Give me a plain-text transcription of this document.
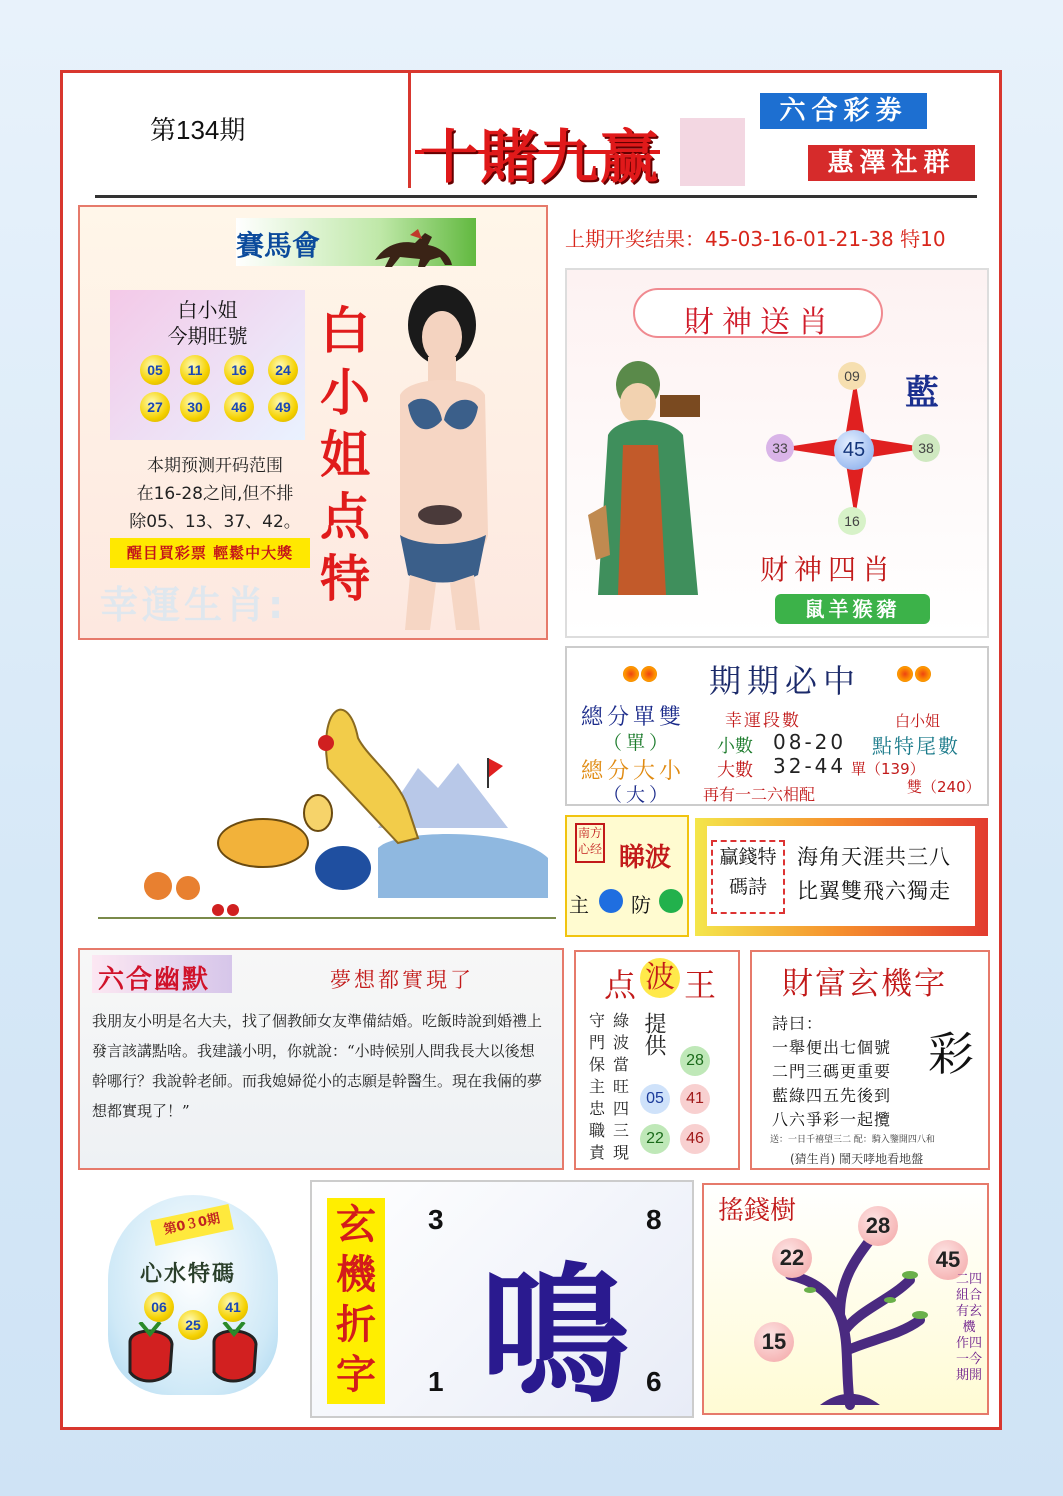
第134期	十賭九赢
六合彩劵
惠澤社群
賽馬會
白小姐
今期旺號
05	11	16	24
27	30	46	49
白
小
姐
点
特
本期预测开码范围
在16-28之间,但不排
除05、13、37、42。
醒目買彩票 輕鬆中大獎
幸運生肖:
上期开奖结果：45-03-16-01-21-38 特10
財神送肖
09
33	45	38
16
藍
财神四肖
鼠羊猴豬
期期必中
總分單雙
（單）
總分大小
（大）
幸運段數
小數 08-20
大數 32-44
再有一二六相配
白小姐
點特尾數
單（139）
雙（240）
南方心经 睇波
主 防
贏錢特碼詩
海角天涯共三八
比翼雙飛六獨走
六合幽默	夢想都實現了
我朋友小明是名大夫，找了個教師女友準備結婚。吃飯時說到婚禮上發言該講點啥。我建議小明，你就說：“小時候别人問我長大以後想幹哪行？我說幹老師。而我媳婦從小的志願是幹醫生。現在我倆的夢想都實現了！”
点 波 王
守門保主忠職責
綠波當旺四三現
提供
28
05	41
22	46
財富玄機字
詩曰：
一舉便出七個號
二門三碼更重要
藍綠四五先後到
八六爭彩一起攬
彩
送：一日千禧望三二 配：騎入鑒開四八和
(猜生肖) 鬧天哮地看地盤
第0３0期
心水特碼
06
25
41
玄
機
折
字
3	8
1	6
鳴
搖錢樹	28
22	45
15
二四組合有玄機 作四一今期開
